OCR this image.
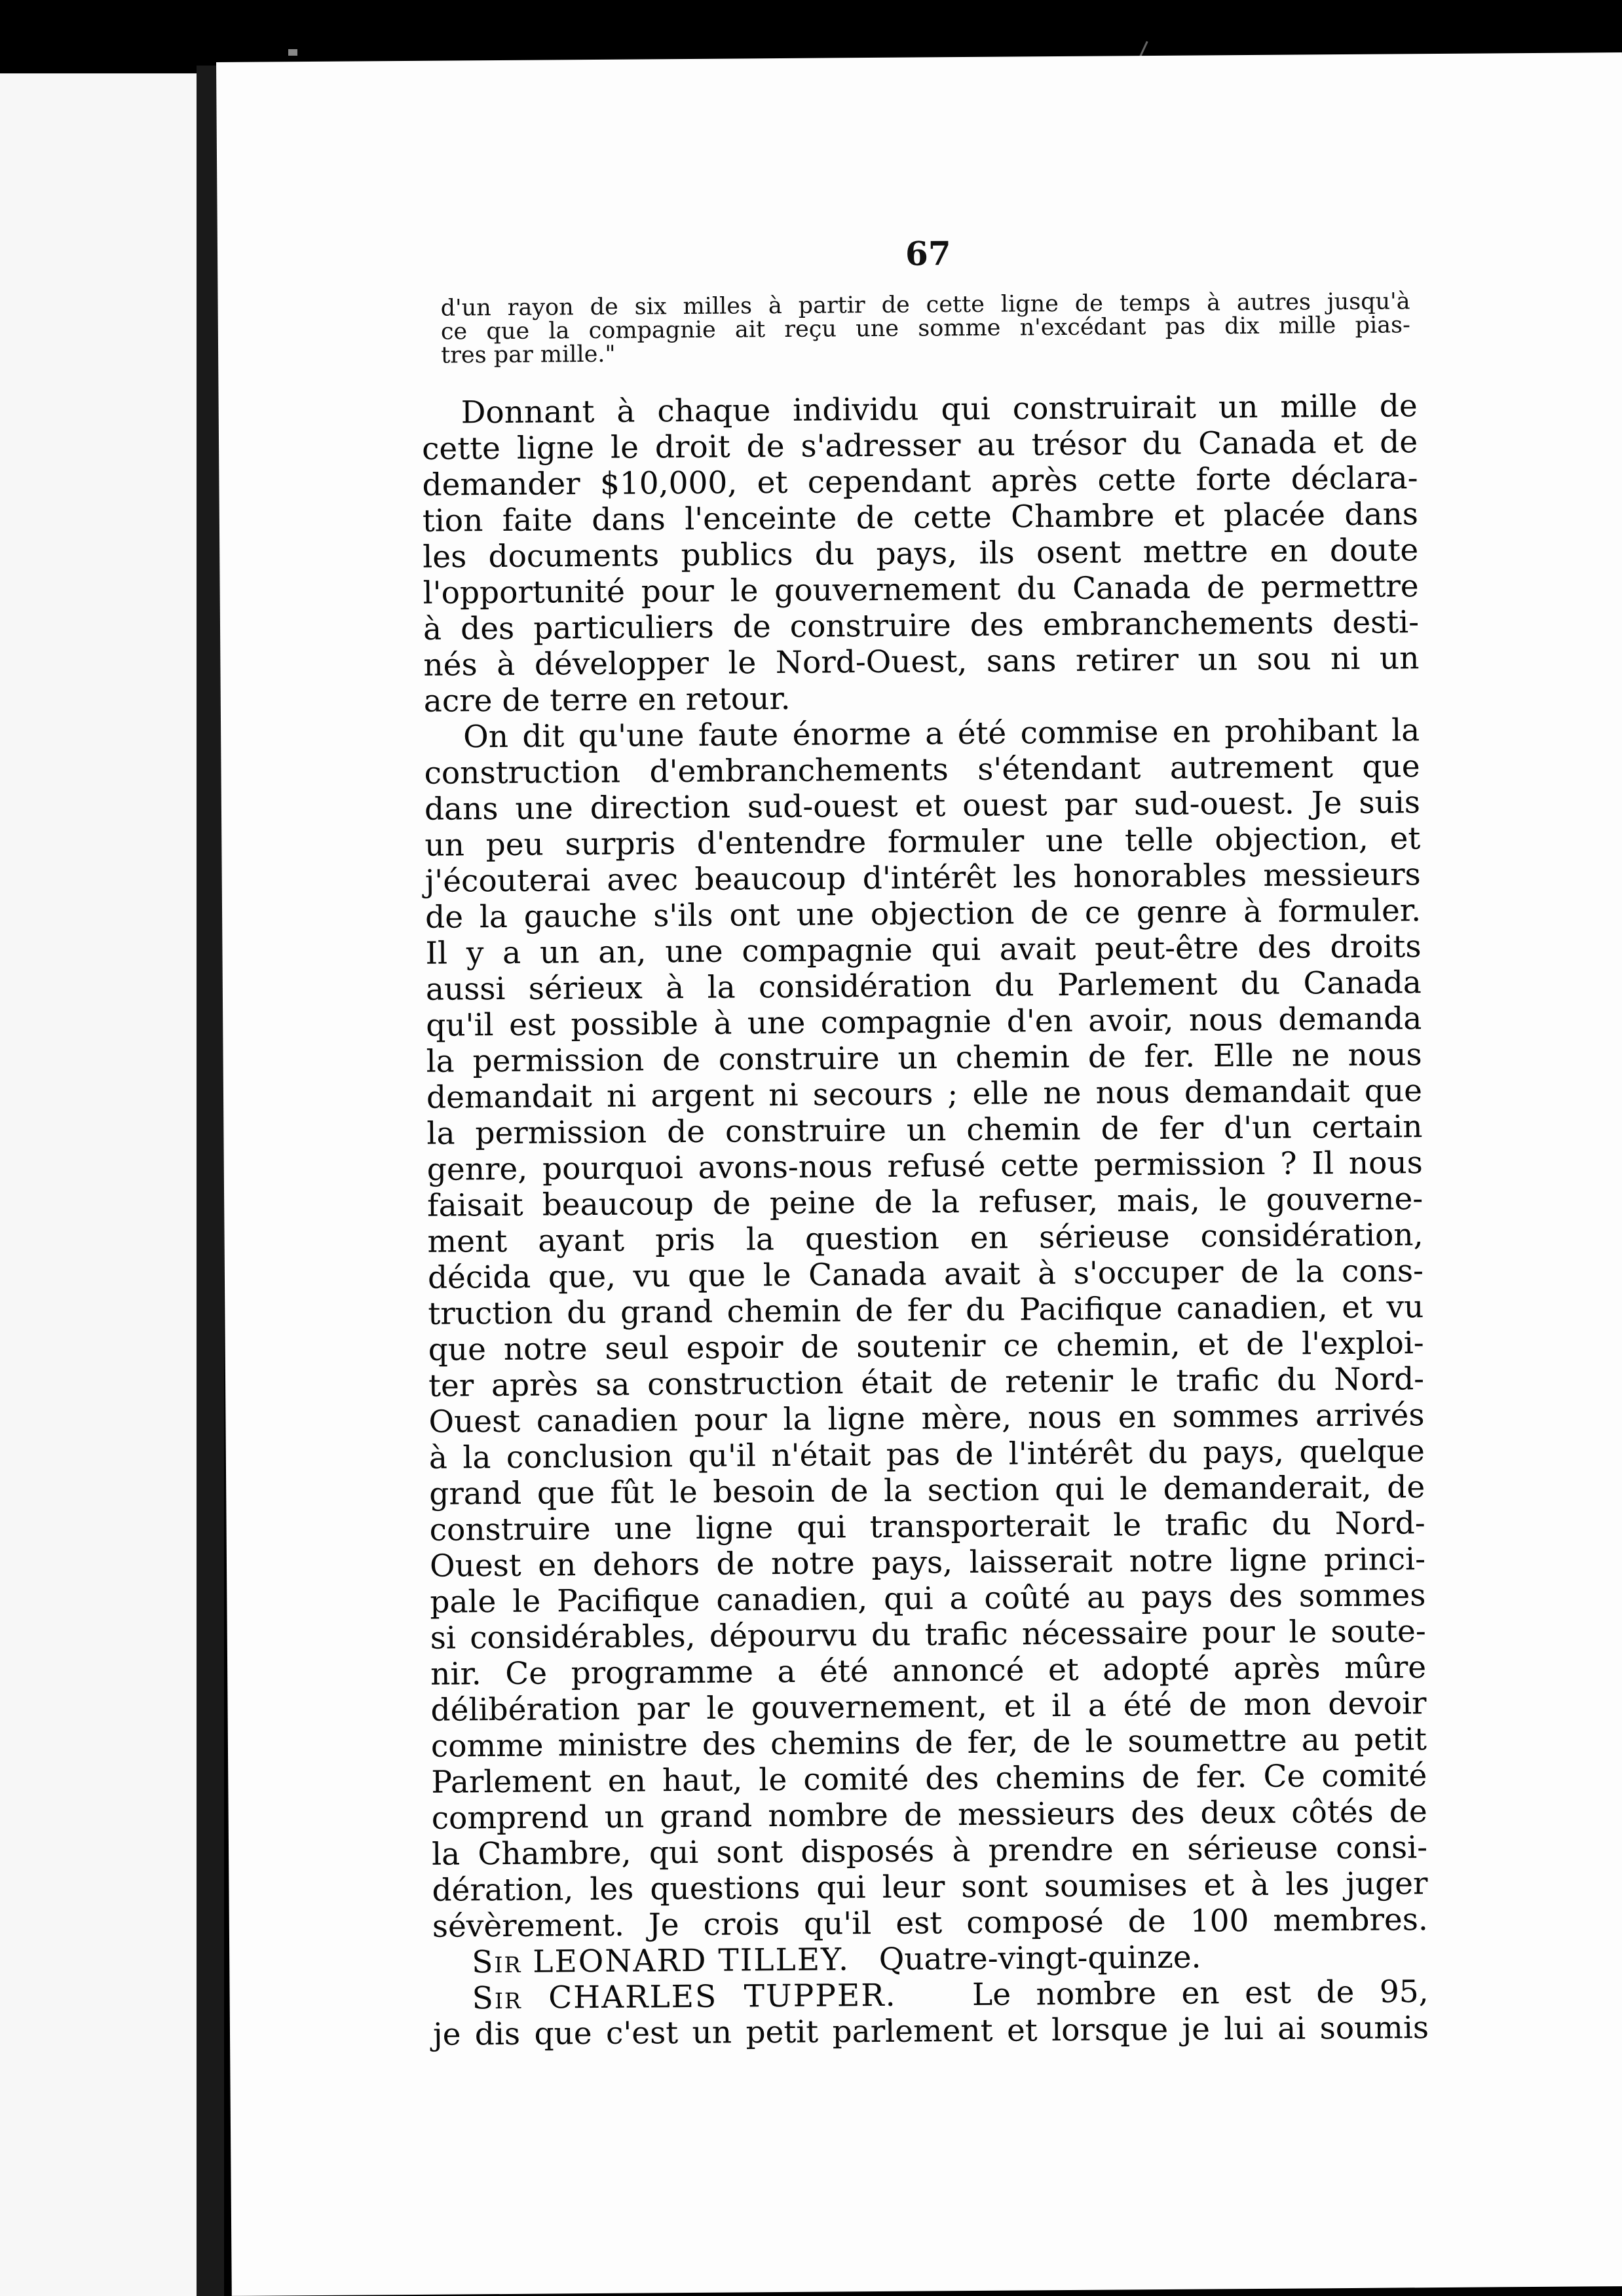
67
d'un rayon de six milles à partir de cette ligne de temps à autres jusqu'à
ce que la compagnie ait reçu une somme n'excédant pas dix mille pias-
tres par mille."
Donnant à chaque individu qui construirait un mille de
cette ligne le droit de s'adresser au trésor du Canada et de
demander $10,000, et cependant après cette forte déclara-
tion faite dans l'enceinte de cette Chambre et placée dans
les documents publics du pays, ils osent mettre en doute
l'opportunité pour le gouvernement du Canada de permettre
à des particuliers de construire des embranchements desti-
nés à développer le Nord-Ouest, sans retirer un sou ni un
acre de terre en retour.
On dit qu'une faute énorme a été commise en prohibant la
construction d'embranchements s'étendant autrement que
dans une direction sud-ouest et ouest par sud-ouest. Je suis
un peu surpris d'entendre formuler une telle objection, et
j'écouterai avec beaucoup d'intérêt les honorables messieurs
de la gauche s'ils ont une objection de ce genre à formuler.
Il y a un an, une compagnie qui avait peut-être des droits
aussi sérieux à la considération du Parlement du Canada
qu'il est possible à une compagnie d'en avoir, nous demanda
la permission de construire un chemin de fer. Elle ne nous
demandait ni argent ni secours ; elle ne nous demandait que
la permission de construire un chemin de fer d'un certain
genre, pourquoi avons-nous refusé cette permission ? Il nous
faisait beaucoup de peine de la refuser, mais, le gouverne-
ment ayant pris la question en sérieuse considération,
décida que, vu que le Canada avait à s'occuper de la cons-
truction du grand chemin de fer du Pacifique canadien, et vu
que notre seul espoir de soutenir ce chemin, et de l'exploi-
ter après sa construction était de retenir le trafic du Nord-
Ouest canadien pour la ligne mère, nous en sommes arrivés
à la conclusion qu'il n'était pas de l'intérêt du pays, quelque
grand que fût le besoin de la section qui le demanderait, de
construire une ligne qui transporterait le trafic du Nord-
Ouest en dehors de notre pays, laisserait notre ligne princi-
pale le Pacifique canadien, qui a coûté au pays des sommes
si considérables, dépourvu du trafic nécessaire pour le soute-
nir. Ce programme a été annoncé et adopté après mûre
délibération par le gouvernement, et il a été de mon devoir
comme ministre des chemins de fer, de le soumettre au petit
Parlement en haut, le comité des chemins de fer. Ce comité
comprend un grand nombre de messieurs des deux côtés de
la Chambre, qui sont disposés à prendre en sérieuse consi-
dération, les questions qui leur sont soumises et à les juger
sévèrement. Je crois qu'il est composé de 100 membres.
Sir LEONARD TILLEY. Quatre-vingt-quinze.
Sir CHARLES TUPPER. Le nombre en est de 95,
je dis que c'est un petit parlement et lorsque je lui ai soumis
